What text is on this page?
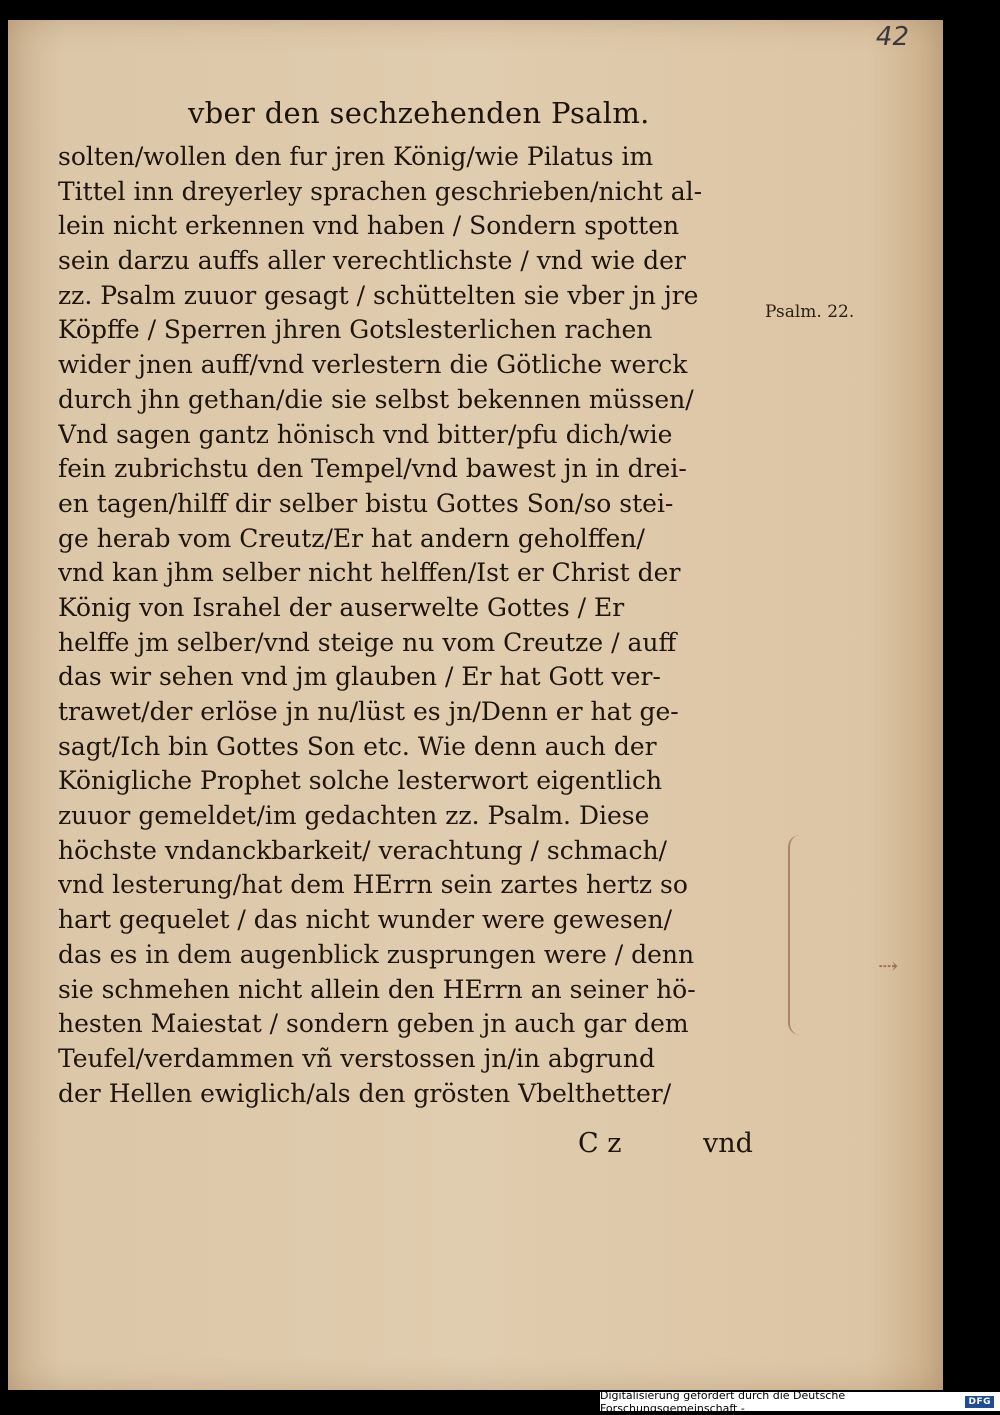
42
vber den sechzehenden Psalm.
solten/wollen den fur jren König/wie Pilatus im
Tittel inn dreyerley sprachen geschrieben/nicht al-
lein nicht erkennen vnd haben / Sondern spotten
sein darzu auffs aller verechtlichste / vnd wie der
zz. Psalm zuuor gesagt / schüttelten sie vber jn jre
Köpffe / Sperren jhren Gotslesterlichen rachen
wider jnen auff/vnd verlestern die Götliche werck
durch jhn gethan/die sie selbst bekennen müssen/
Vnd sagen gantz hönisch vnd bitter/pfu dich/wie
fein zubrichstu den Tempel/vnd bawest jn in drei-
en tagen/hilff dir selber bistu Gottes Son/so stei-
ge herab vom Creutz/Er hat andern geholffen/
vnd kan jhm selber nicht helffen/Ist er Christ der
König von Israhel der auserwelte Gottes / Er
helffe jm selber/vnd steige nu vom Creutze / auff
das wir sehen vnd jm glauben / Er hat Gott ver-
trawet/der erlöse jn nu/lüst es jn/Denn er hat ge-
sagt/Ich bin Gottes Son etc. Wie denn auch der
Königliche Prophet solche lesterwort eigentlich
zuuor gemeldet/im gedachten zz. Psalm. Diese
höchste vndanckbarkeit/ verachtung / schmach/
vnd lesterung/hat dem HErrn sein zartes hertz so
hart gequelet / das nicht wunder were gewesen/
das es in dem augenblick zusprungen were / denn
sie schmehen nicht allein den HErrn an seiner hö-
hesten Maiestat / sondern geben jn auch gar dem
Teufel/verdammen vñ verstossen jn/in abgrund
der Hellen ewiglich/als den grösten Vbelthetter/
Psalm. 22.
⇢
C z	vnd
Digitalisierung gefördert durch die Deutsche Forschungsgemeinschaft -	DFG
